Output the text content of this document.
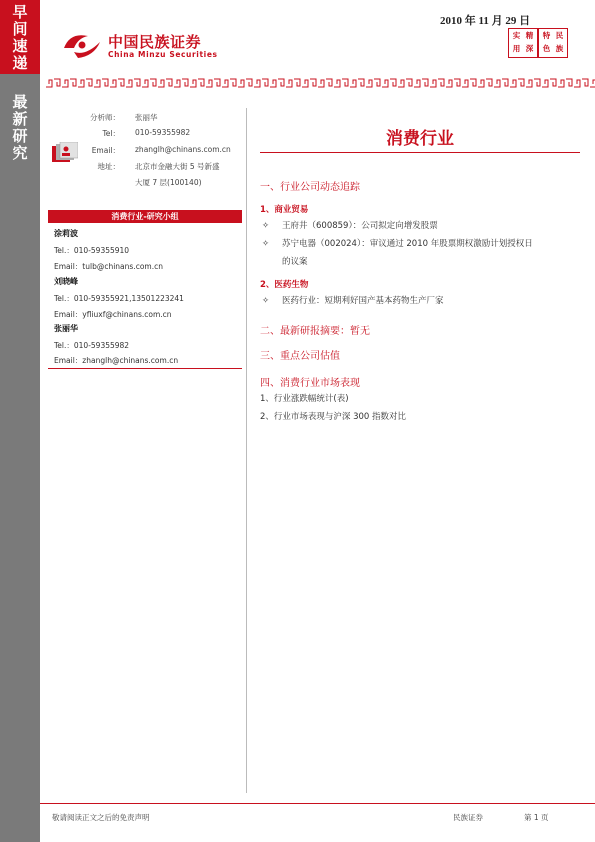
早
间
速
递
最
新
研
究
中国民族证券
China Minzu Securities
2010 年 11 月 29 日
实 精
用 深
特 民
色 族
分析师： 张丽华
Tel： 010-59355982
Email： zhanglh@chinans.com.cn
地址： 北京市金融大街 5 号新盛
大厦 7 层(100140)
消费行业-研究小组
涂莉波
Tel.：010-59355910
Email：tulb@chinans.com.cn
刘晓峰
Tel.：010-59355921,13501223241
Email：yfliuxf@chinans.com.cn
张丽华
Tel.：010-59355982
Email：zhanglh@chinans.com.cn
消费行业
一、行业公司动态追踪
1、商业贸易
✧ 王府井（600859）：公司拟定向增发股票
✧ 苏宁电器（002024）：审议通过 2010 年股票期权激励计划授权日
的议案
2、医药生物
✧ 医药行业：短期利好国产基本药物生产厂家
二、最新研报摘要：暂无
三、重点公司估值
四、消费行业市场表现
1、行业涨跌幅统计(表)
2、行业市场表现与沪深 300 指数对比
敬请阅读正文之后的免责声明	民族证券	第 1 页
